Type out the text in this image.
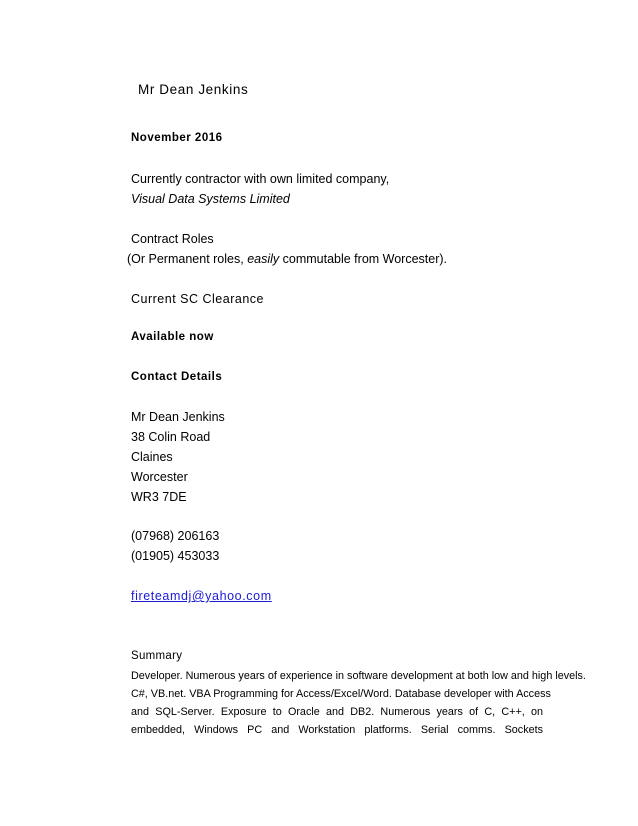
Mr Dean Jenkins

November 2016

Currently contractor with own limited company,

Visual Data Systems Limited

Contract Roles

(Or Permanent roles, easily commutable from Worcester).

Current SC Clearance

Available now

Contact Details

Mr Dean Jenkins

38 Colin Road

Claines

Worcester

WR3 7DE

(07968) 206163

(01905) 453033

fireteamdj@yahoo.com

Summary

Developer. Numerous years of experience in software development at both low and high levels.

C#, VB.net. VBA Programming for Access/Excel/Word. Database developer with Access

and SQL-Server. Exposure to Oracle and DB2. Numerous years of C, C++, on

embedded, Windows PC and Workstation platforms. Serial comms. Sockets
